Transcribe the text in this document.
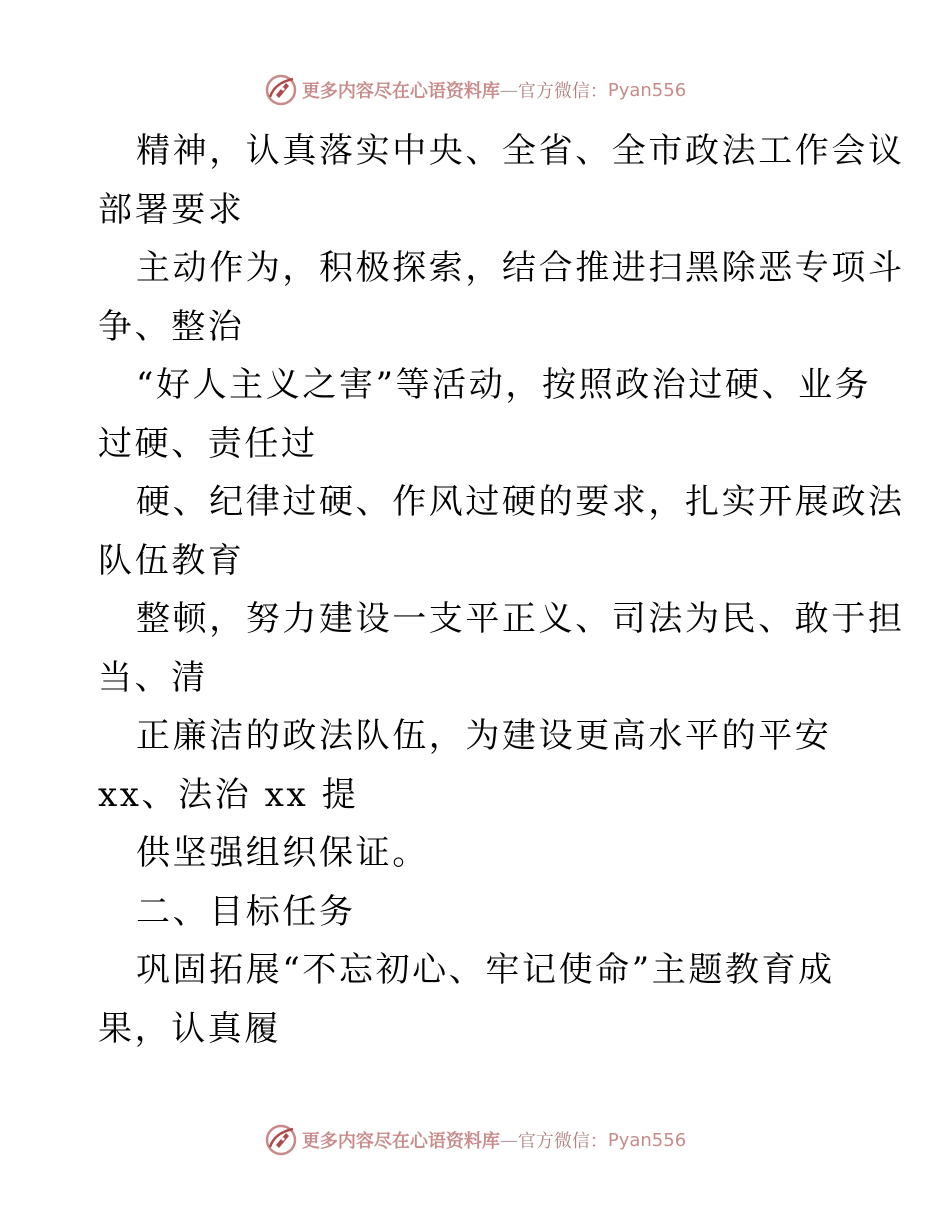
更多内容尽在心语资料库 — 官方微信： Pyan556
精神，认真落实中央、全省、全市政法工作会议
部署要求
主动作为，积极探索，结合推进扫黑除恶专项斗
争、整治
“好人主义之害”等活动，按照政治过硬、业务
过硬、责任过
硬、纪律过硬、作风过硬的要求，扎实开展政法
队伍教育
整顿，努力建设一支平正义、司法为民、敢于担
当、清
正廉洁的政法队伍，为建设更高水平的平安
xx、法治 xx 提
供坚强组织保证。
二、目标任务
巩固拓展“不忘初心、牢记使命”主题教育成
果，认真履
更多内容尽在心语资料库 — 官方微信： Pyan556
